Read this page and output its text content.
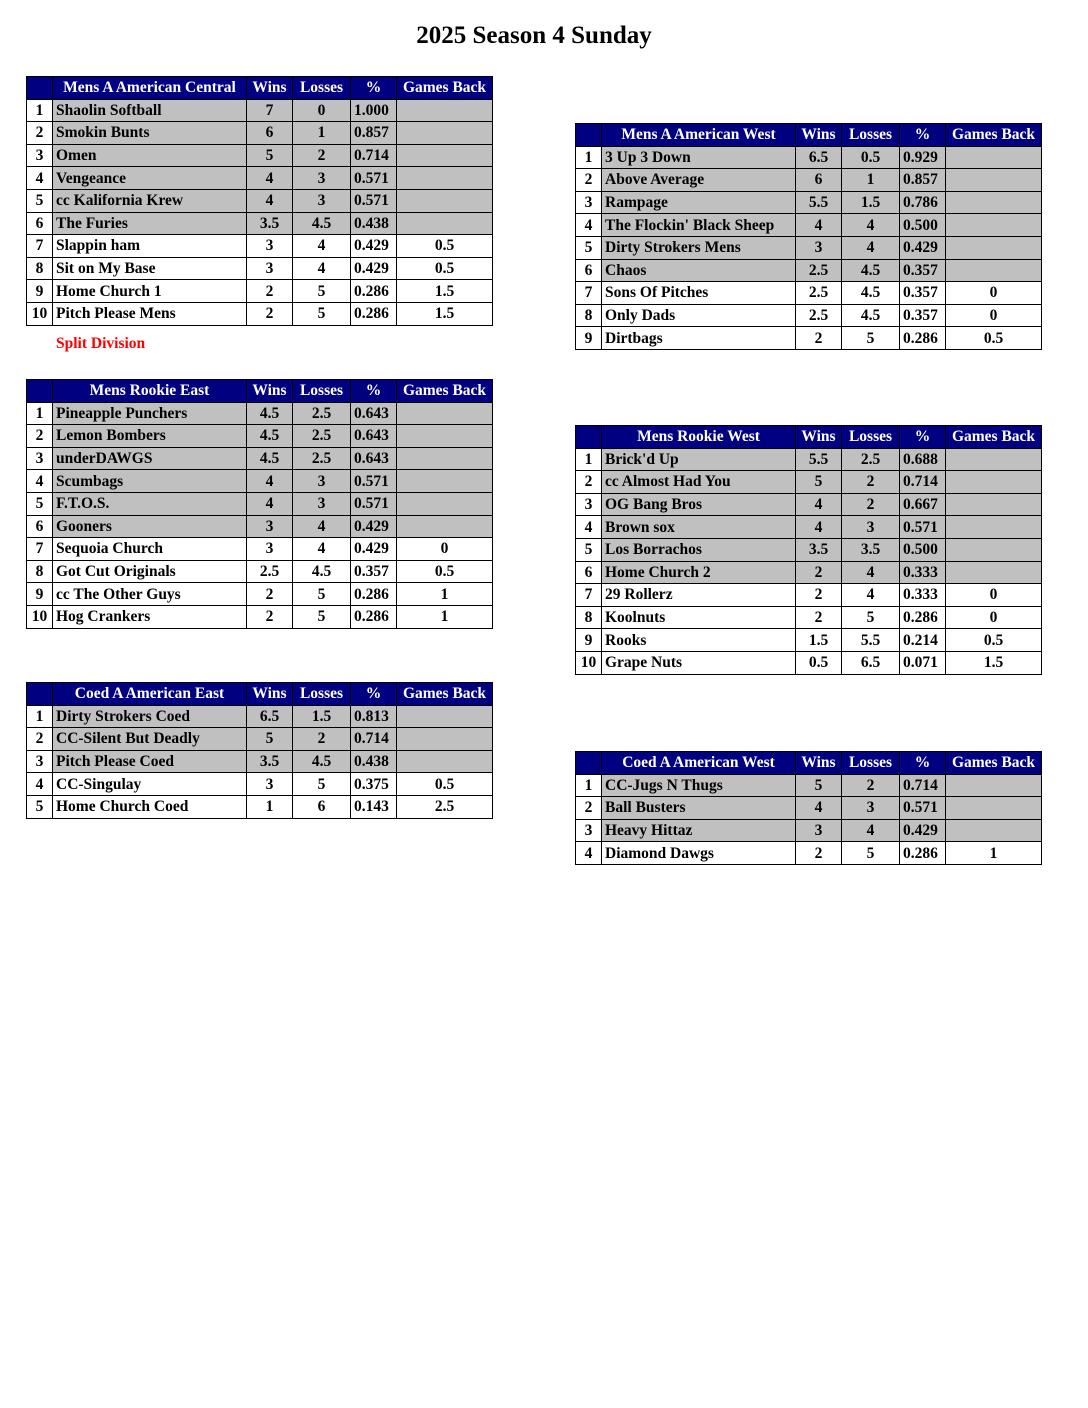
2025 Season 4 Sunday
	Mens A American Central	Wins	Losses	%	Games Back
1	Shaolin Softball	7	0	1.000	
2	Smokin Bunts	6	1	0.857	
3	Omen	5	2	0.714	
4	Vengeance	4	3	0.571	
5	cc Kalifornia Krew	4	3	0.571	
6	The Furies	3.5	4.5	0.438	
7	Slappin ham	3	4	0.429	0.5
8	Sit on My Base	3	4	0.429	0.5
9	Home Church 1	2	5	0.286	1.5
10	Pitch Please Mens	2	5	0.286	1.5
Split Division
	Mens Rookie East	Wins	Losses	%	Games Back
1	Pineapple Punchers	4.5	2.5	0.643	
2	Lemon Bombers	4.5	2.5	0.643	
3	underDAWGS	4.5	2.5	0.643	
4	Scumbags	4	3	0.571	
5	F.T.O.S.	4	3	0.571	
6	Gooners	3	4	0.429	
7	Sequoia Church	3	4	0.429	0
8	Got Cut Originals	2.5	4.5	0.357	0.5
9	cc The Other Guys	2	5	0.286	1
10	Hog Crankers	2	5	0.286	1
	Coed A American East	Wins	Losses	%	Games Back
1	Dirty Strokers Coed	6.5	1.5	0.813	
2	CC-Silent But Deadly	5	2	0.714	
3	Pitch Please Coed	3.5	4.5	0.438	
4	CC-Singulay	3	5	0.375	0.5
5	Home Church Coed	1	6	0.143	2.5
	Mens A American West	Wins	Losses	%	Games Back
1	3 Up 3 Down	6.5	0.5	0.929	
2	Above Average	6	1	0.857	
3	Rampage	5.5	1.5	0.786	
4	The Flockin' Black Sheep	4	4	0.500	
5	Dirty Strokers Mens	3	4	0.429	
6	Chaos	2.5	4.5	0.357	
7	Sons Of Pitches	2.5	4.5	0.357	0
8	Only Dads	2.5	4.5	0.357	0
9	Dirtbags	2	5	0.286	0.5
	Mens Rookie West	Wins	Losses	%	Games Back
1	Brick'd Up	5.5	2.5	0.688	
2	cc Almost Had You	5	2	0.714	
3	OG Bang Bros	4	2	0.667	
4	Brown sox	4	3	0.571	
5	Los Borrachos	3.5	3.5	0.500	
6	Home Church 2	2	4	0.333	
7	29 Rollerz	2	4	0.333	0
8	Koolnuts	2	5	0.286	0
9	Rooks	1.5	5.5	0.214	0.5
10	Grape Nuts	0.5	6.5	0.071	1.5
	Coed A American West	Wins	Losses	%	Games Back
1	CC-Jugs N Thugs	5	2	0.714	
2	Ball Busters	4	3	0.571	
3	Heavy Hittaz	3	4	0.429	
4	Diamond Dawgs	2	5	0.286	1
